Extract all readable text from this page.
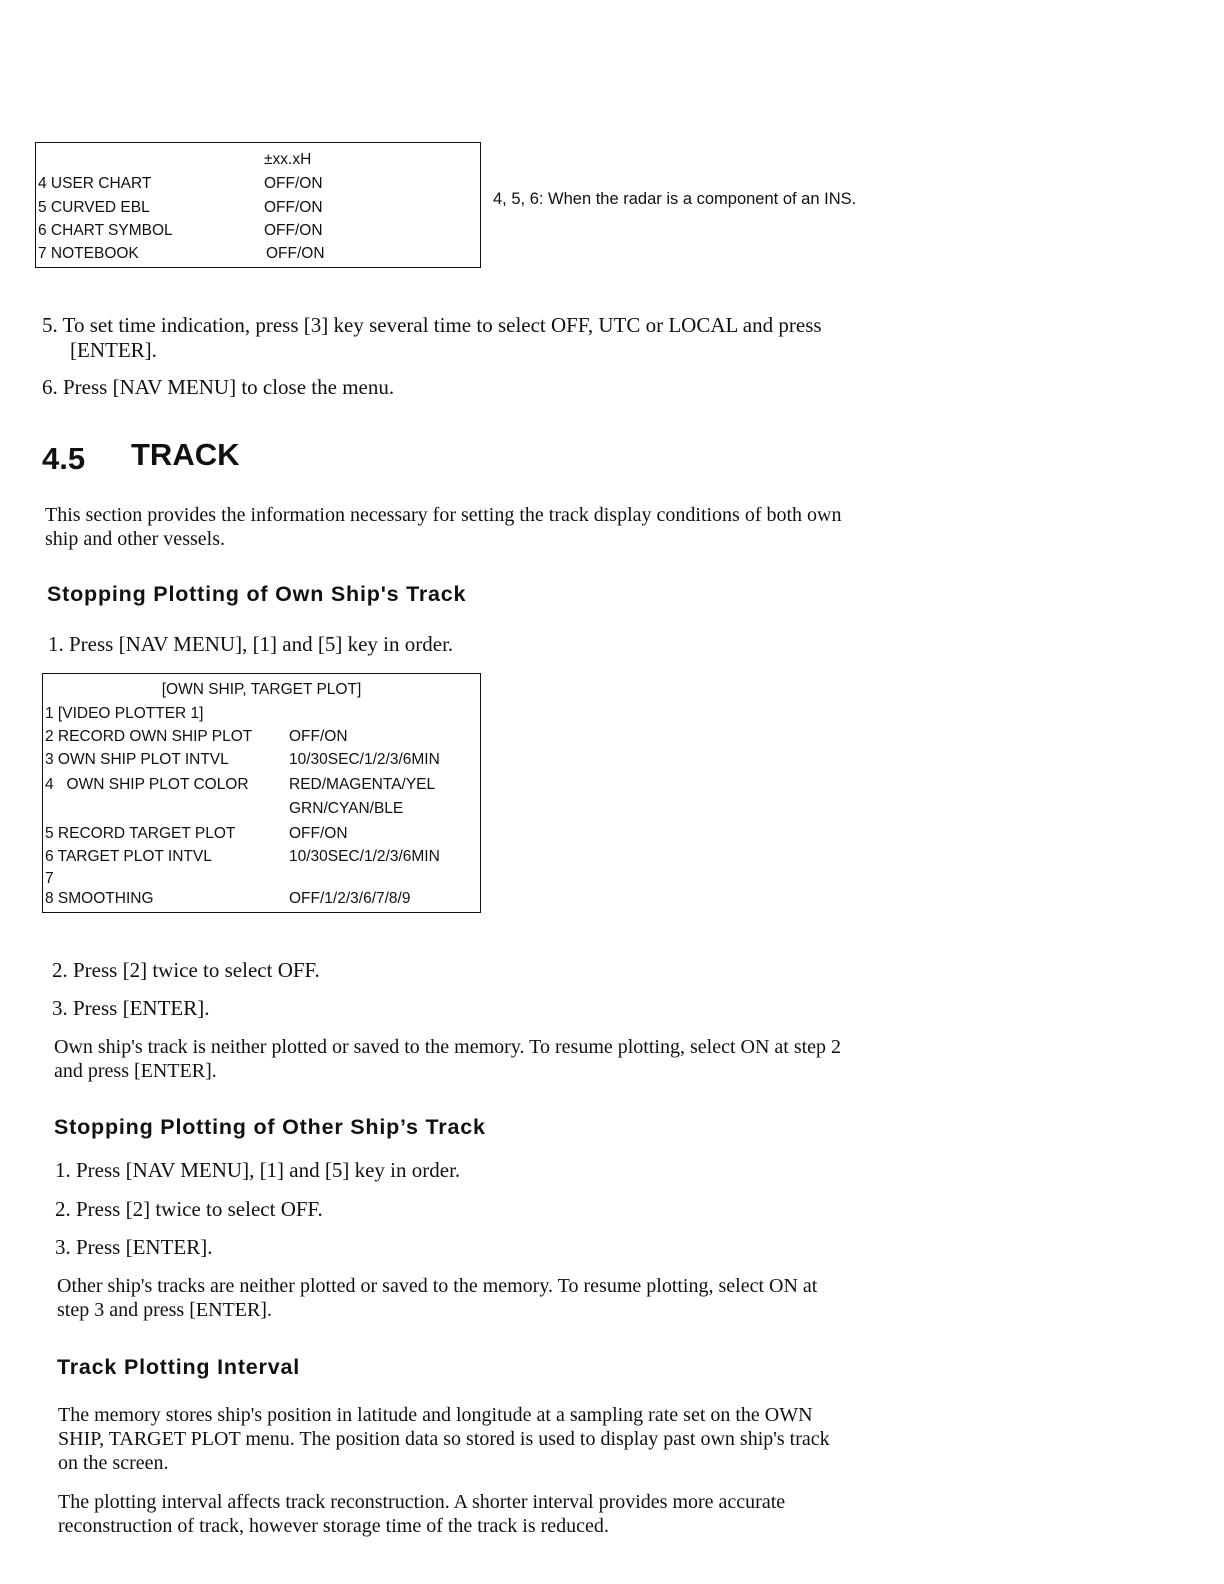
±xx.xH
4 USER CHART	OFF/ON
5 CURVED EBL	OFF/ON
6 CHART SYMBOL	OFF/ON
7 NOTEBOOK	OFF/ON
4, 5, 6: When the radar is a component of an INS.
5. To set time indication, press [3] key several time to select OFF, UTC or LOCAL and press
[ENTER].
6. Press [NAV MENU] to close the menu.
4.5 TRACK
This section provides the information necessary for setting the track display conditions of both own
ship and other vessels.
Stopping Plotting of Own Ship's Track
1. Press [NAV MENU], [1] and [5] key in order.
[OWN SHIP, TARGET PLOT]
1 [VIDEO PLOTTER 1]
2 RECORD OWN SHIP PLOT OFF/ON
3 OWN SHIP PLOT INTVL	10/30SEC/1/2/3/6MIN
4   OWN SHIP PLOT COLOR	RED/MAGENTA/YEL
GRN/CYAN/BLE
5 RECORD TARGET PLOT	OFF/ON
6 TARGET PLOT INTVL	10/30SEC/1/2/3/6MIN
7
8 SMOOTHING	OFF/1/2/3/6/7/8/9
2. Press [2] twice to select OFF.
3. Press [ENTER].
Own ship's track is neither plotted or saved to the memory. To resume plotting, select ON at step 2
and press [ENTER].
Stopping Plotting of Other Ship’s Track
1. Press [NAV MENU], [1] and [5] key in order.
2. Press [2] twice to select OFF.
3. Press [ENTER].
Other ship's tracks are neither plotted or saved to the memory. To resume plotting, select ON at
step 3 and press [ENTER].
Track Plotting Interval
The memory stores ship's position in latitude and longitude at a sampling rate set on the OWN
SHIP, TARGET PLOT menu. The position data so stored is used to display past own ship's track
on the screen.
The plotting interval affects track reconstruction. A shorter interval provides more accurate
reconstruction of track, however storage time of the track is reduced.
